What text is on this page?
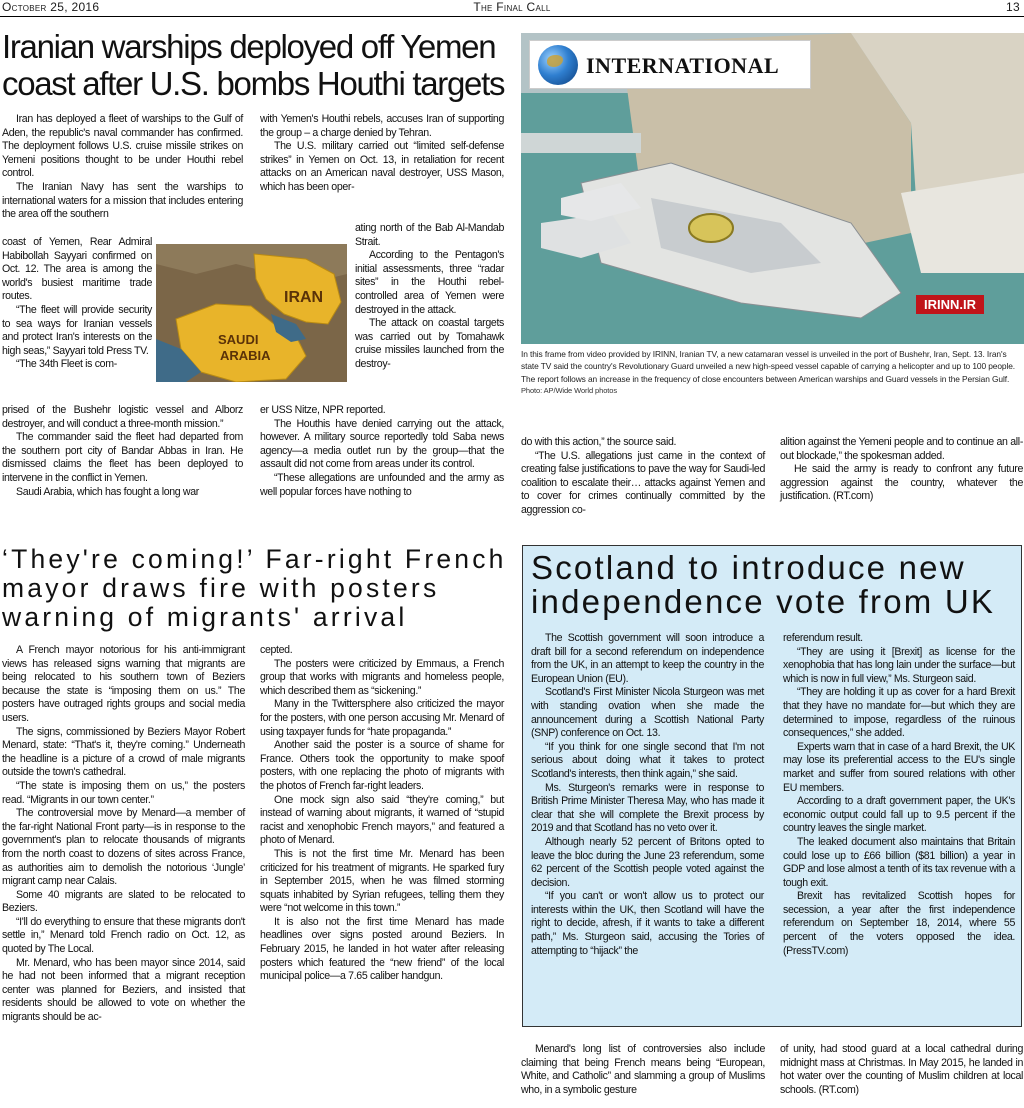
October 25, 2016	The Final Call	13
Iranian warships deployed off Yemen coast after U.S. bombs Houthi targets

Iran has deployed a fleet of warships to the Gulf of Aden, the republic's naval commander has confirmed. The deployment follows U.S. cruise missile strikes on Yemeni positions thought to be under Houthi rebel control.

The Iranian Navy has sent the warships to international waters for a mission that includes entering the area off the southern

IRAN
SAUDI
ARABIA

coast of Yemen, Rear Admiral Habibollah Sayyari confirmed on Oct. 12. The area is among the world's busiest maritime trade routes.

“The fleet will provide security to sea ways for Iranian vessels and protect Iran's interests on the high seas,” Sayyari told Press TV.

“The 34th Fleet is com-

prised of the Bushehr logistic vessel and Alborz destroyer, and will conduct a three-month mission.”

The commander said the fleet had departed from the southern port city of Bandar Abbas in Iran. He dismissed claims the fleet has been deployed to intervene in the conflict in Yemen.

Saudi Arabia, which has fought a long war

with Yemen's Houthi rebels, accuses Iran of supporting the group – a charge denied by Tehran.

The U.S. military carried out “limited self-defense strikes” in Yemen on Oct. 13, in retaliation for recent attacks on an American naval destroyer, USS Mason, which has been oper-

ating north of the Bab Al-Mandab Strait.

According to the Pentagon's initial assessments, three “radar sites” in the Houthi rebel-controlled area of Yemen were destroyed in the attack.

The attack on coastal targets was carried out by Tomahawk cruise missiles launched from the destroy-

er USS Nitze, NPR reported.

The Houthis have denied carrying out the attack, however. A military source reportedly told Saba news agency—a media outlet run by the group—that the assault did not come from areas under its control.

“These allegations are unfounded and the army as well popular forces have nothing to

IRINN.IR
INTERNATIONAL
In this frame from video provided by IRINN, Iranian TV, a new catamaran vessel is unveiled in the port of Bushehr, Iran, Sept. 13. Iran's state TV said the country's Revolutionary Guard unveiled a new high-speed vessel capable of carrying a helicopter and up to 100 people. The report follows an increase in the frequency of close encounters between American warships and Guard vessels in the Persian Gulf.
Photo: AP/Wide World photos

do with this action,” the source said.

“The U.S. allegations just came in the context of creating false justifications to pave the way for Saudi-led coalition to escalate their… attacks against Yemen and to cover for crimes continually committed by the aggression co-

alition against the Yemeni people and to continue an all-out blockade,” the spokesman added.

He said the army is ready to confront any future aggression against the country, whatever the justification. (RT.com)

‘They're coming!’ Far-right French mayor draws fire with posters warning of migrants' arrival

A French mayor notorious for his anti-immigrant views has released signs warning that migrants are being relocated to his southern town of Beziers because the state is “imposing them on us.” The posters have outraged rights groups and social media users.

The signs, commissioned by Beziers Mayor Robert Menard, state: “That's it, they're coming.” Underneath the headline is a picture of a crowd of male migrants outside the town's cathedral.

“The state is imposing them on us,” the posters read. “Migrants in our town center.”

The controversial move by Menard—a member of the far-right National Front party—is in response to the government's plan to relocate thousands of migrants from the north coast to dozens of sites across France, as authorities aim to demolish the notorious ‘Jungle’ migrant camp near Calais.

Some 40 migrants are slated to be relocated to Beziers.

“I'll do everything to ensure that these migrants don't settle in,” Menard told French radio on Oct. 12, as quoted by The Local.

Mr. Menard, who has been mayor since 2014, said he had not been informed that a migrant reception center was planned for Beziers, and insisted that residents should be allowed to vote on whether the migrants should be ac-

cepted.

The posters were criticized by Emmaus, a French group that works with migrants and homeless people, which described them as “sickening.”

Many in the Twittersphere also criticized the mayor for the posters, with one person accusing Mr. Menard of using taxpayer funds for “hate propaganda.”

Another said the poster is a source of shame for France. Others took the opportunity to make spoof posters, with one replacing the photo of migrants with the photos of French far-right leaders.

One mock sign also said “they're coming,” but instead of warning about migrants, it warned of “stupid racist and xenophobic French mayors,” and featured a photo of Menard.

This is not the first time Mr. Menard has been criticized for his treatment of migrants. He sparked fury in September 2015, when he was filmed storming squats inhabited by Syrian refugees, telling them they were “not welcome in this town.”

It is also not the first time Menard has made headlines over signs posted around Beziers. In February 2015, he landed in hot water after releasing posters which featured the “new friend” of the local municipal police—a 7.65 caliber handgun.

Menard's long list of controversies also include claiming that being French means being “European, White, and Catholic” and slamming a group of Muslims who, in a symbolic gesture

of unity, had stood guard at a local cathedral during midnight mass at Christmas. In May 2015, he landed in hot water over the counting of Muslim children at local schools. (RT.com)

Scotland to introduce new independence vote from UK

The Scottish government will soon introduce a draft bill for a second referendum on independence from the UK, in an attempt to keep the country in the European Union (EU).

Scotland's First Minister Nicola Sturgeon was met with standing ovation when she made the announcement during a Scottish National Party (SNP) conference on Oct. 13.

“If you think for one single second that I'm not serious about doing what it takes to protect Scotland's interests, then think again,” she said.

Ms. Sturgeon's remarks were in response to British Prime Minister Theresa May, who has made it clear that she will complete the Brexit process by 2019 and that Scotland has no veto over it.

Although nearly 52 percent of Britons opted to leave the bloc during the June 23 referendum, some 62 percent of the Scottish people voted against the decision.

“If you can't or won't allow us to protect our interests within the UK, then Scotland will have the right to decide, afresh, if it wants to take a different path,” Ms. Sturgeon said, accusing the Tories of attempting to “hijack” the

referendum result.

“They are using it [Brexit] as license for the xenophobia that has long lain under the surface—but which is now in full view,” Ms. Sturgeon said.

“They are holding it up as cover for a hard Brexit that they have no mandate for—but which they are determined to impose, regardless of the ruinous consequences,” she added.

Experts warn that in case of a hard Brexit, the UK may lose its preferential access to the EU's single market and suffer from soured relations with other EU members.

According to a draft government paper, the UK's economic output could fall up to 9.5 percent if the country leaves the single market.

The leaked document also maintains that Britain could lose up to £66 billion ($81 billion) a year in GDP and lose almost a tenth of its tax revenue with a tough exit.

Brexit has revitalized Scottish hopes for secession, a year after the first independence referendum on September 18, 2014, where 55 percent of the voters opposed the idea. (PressTV.com)
